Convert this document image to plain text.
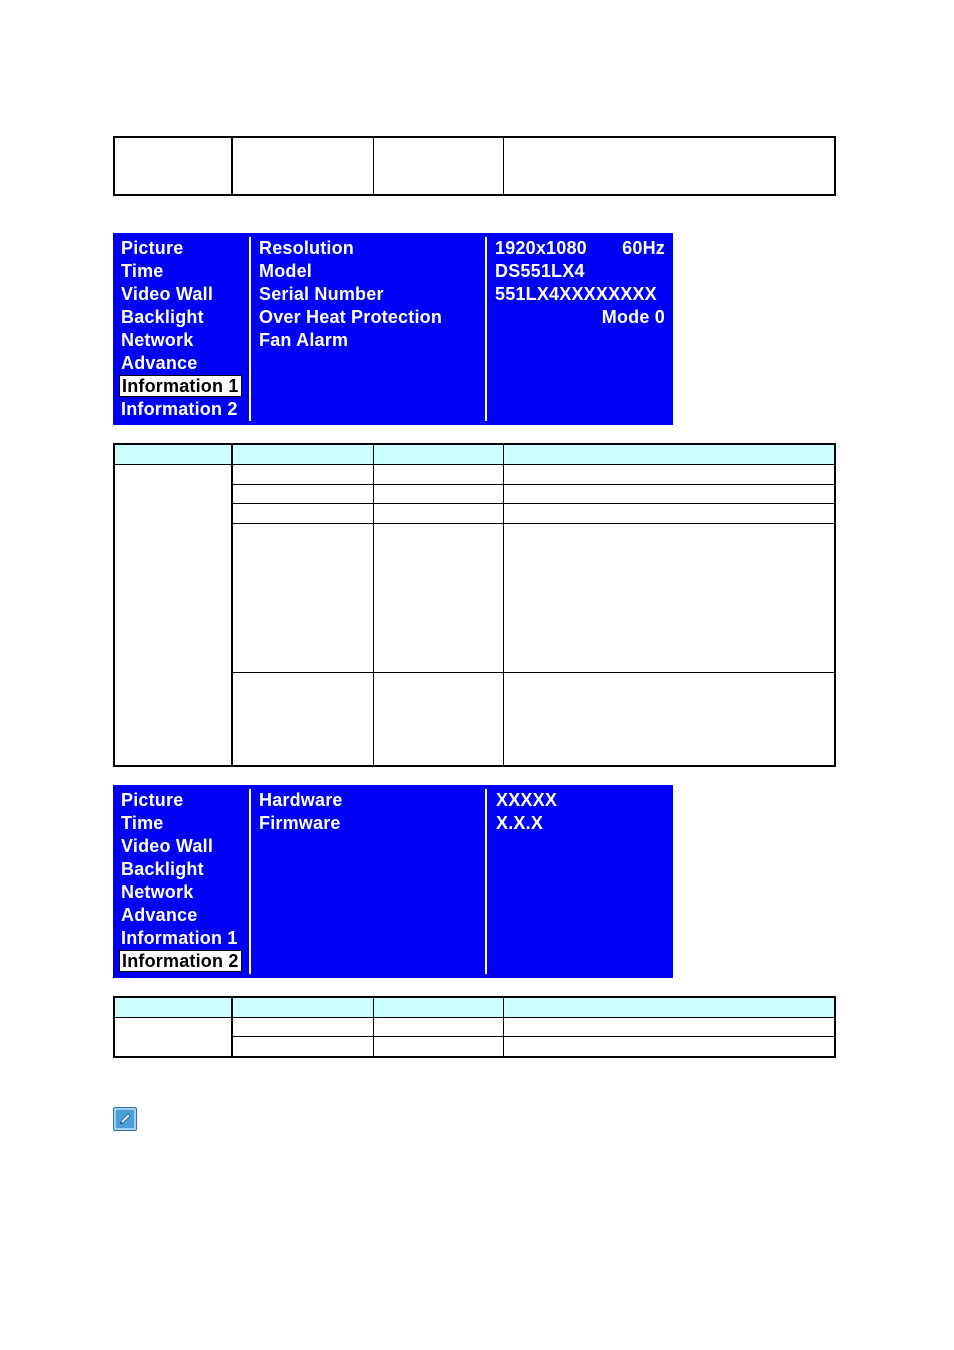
Picture
Time
Video Wall
Backlight
Network
Advance
Information 1
Information 2
Resolution
Model
Serial Number
Over Heat Protection
Fan Alarm
1920x1080 60Hz
DS551LX4
551LX4XXXXXXXX
Mode 0
Picture
Time
Video Wall
Backlight
Network
Advance
Information 1
Information 2
Hardware
Firmware
XXXXX
X.X.X
